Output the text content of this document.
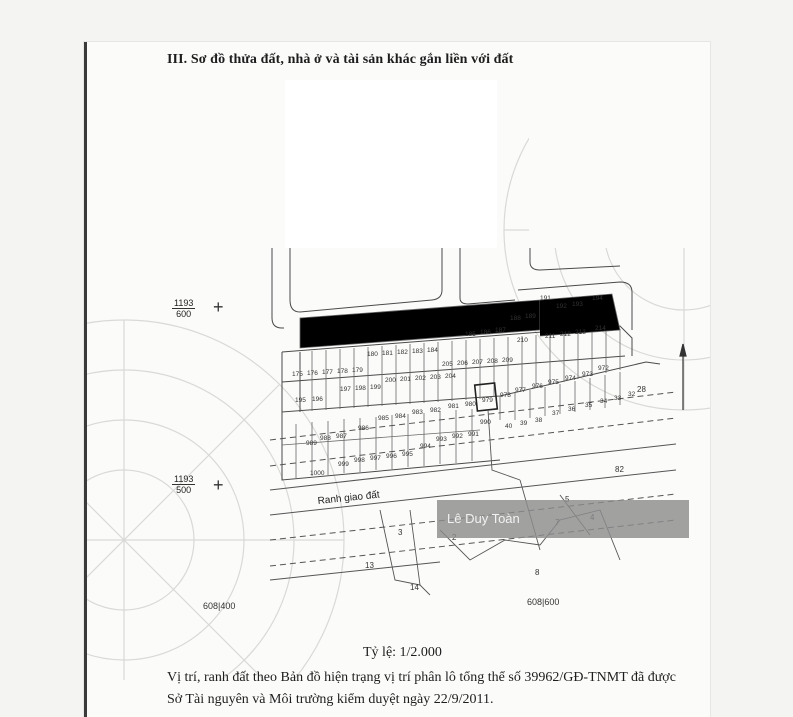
III. Sơ đồ thửa đất, nhà ở và tài sản khác gắn liền với đất
175 176 177 178 179
180 181 182 183 184
205 206 207 208 209
210
211 212 213
214
185 186 187
188 189
191
192 193
194
195 196
197 198 199
200 201 202 203 204
979
978
977
976
975
974
973
972
980
981
982
983
984
985
986
987
988
989
990
991
992
993
994
995
996
997
998
999
1000
40 39 38
37
36
35
34 33
32
28
82
13
14
3
8
Ranh giao đất
1193
600 +
1193
500 +
608|400	608|600
Lê Duy Toàn
Tỷ lệ: 1/2.000
Vị trí, ranh đất theo Bản đồ hiện trạng vị trí phân lô tổng thể số 39962/GĐ-TNMT đã được
Sở Tài nguyên và Môi trường kiểm duyệt ngày 22/9/2011.
